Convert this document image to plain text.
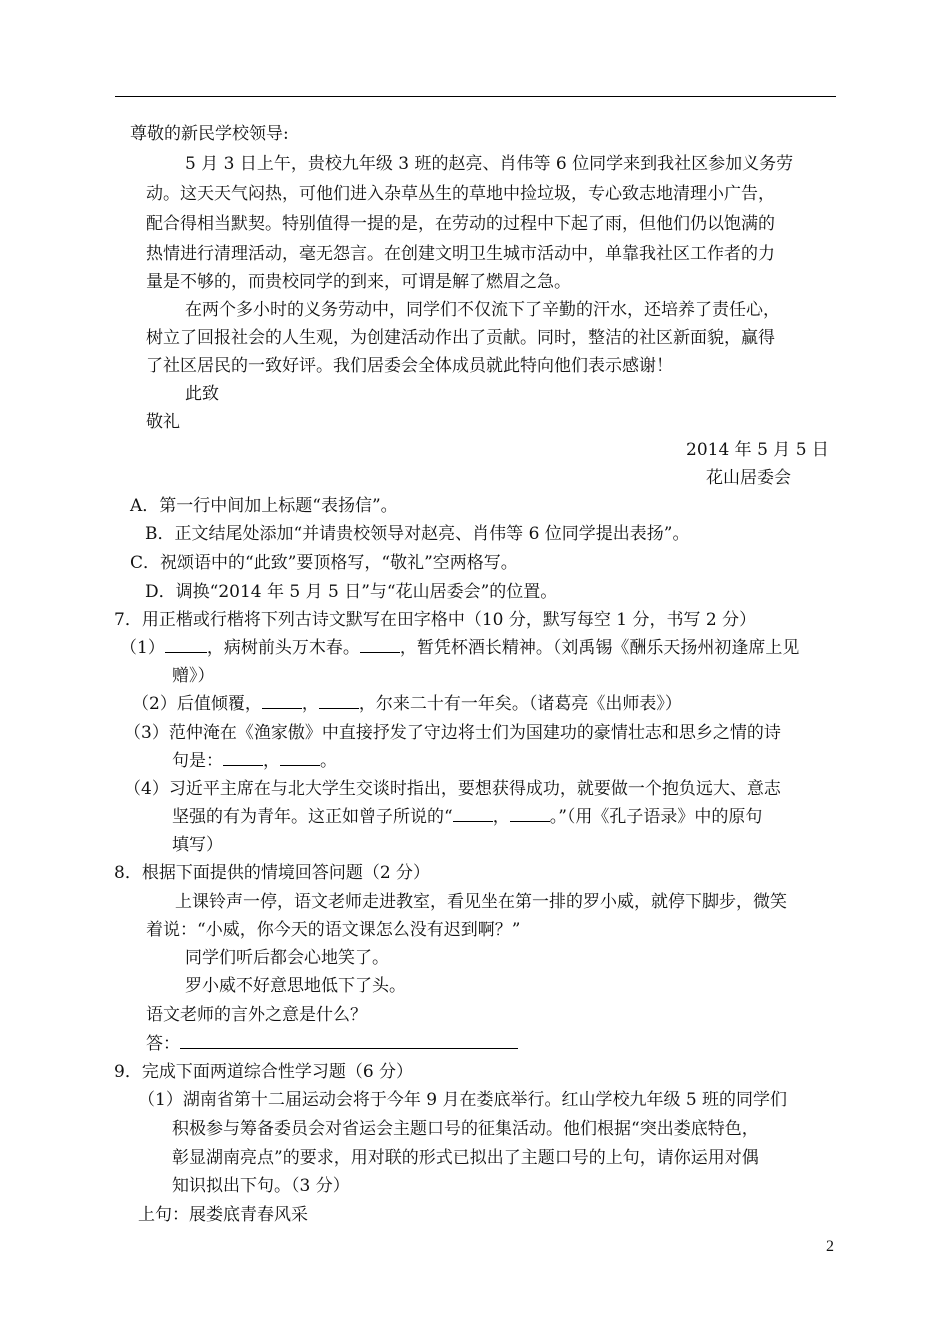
尊敬的新民学校领导:
5 月 3 日上午，贵校九年级 3 班的赵亮、肖伟等 6 位同学来到我社区参加义务劳
动。这天天气闷热，可他们进入杂草丛生的草地中捡垃圾，专心致志地清理小广告，
配合得相当默契。特别值得一提的是，在劳动的过程中下起了雨，但他们仍以饱满的
热情进行清理活动，毫无怨言。在创建文明卫生城市活动中，单靠我社区工作者的力
量是不够的，而贵校同学的到来，可谓是解了燃眉之急。
在两个多小时的义务劳动中，同学们不仅流下了辛勤的汗水，还培养了责任心，
树立了回报社会的人生观，为创建活动作出了贡献。同时，整洁的社区新面貌，赢得
了社区居民的一致好评。我们居委会全体成员就此特向他们表示感谢！
此致
敬礼
2014 年 5 月 5 日
花山居委会
A．第一行中间加上标题“表扬信”。
B．正文结尾处添加“并请贵校领导对赵亮、肖伟等 6 位同学提出表扬”。
C．祝颂语中的“此致”要顶格写，“敬礼”空两格写。
D．调换“2014 年 5 月 5 日”与“花山居委会”的位置。
7．用正楷或行楷将下列古诗文默写在田字格中（10 分，默写每空 1 分，书写 2 分）
（1） ，病树前头万木春。 ，暂凭杯酒长精神。（刘禹锡《酬乐天扬州初逢席上见
赠》）
（2）后值倾覆， ， ，尔来二十有一年矣。（诸葛亮《出师表》）
（3）范仲淹在《渔家傲》中直接抒发了守边将士们为国建功的豪情壮志和思乡之情的诗
句是： ， 。
（4）习近平主席在与北大学生交谈时指出，要想获得成功，就要做一个抱负远大、意志
坚强的有为青年。这正如曾子所说的“ ， 。”（用《孔子语录》中的原句
填写）
8．根据下面提供的情境回答问题（2 分）
上课铃声一停，语文老师走进教室，看见坐在第一排的罗小威，就停下脚步，微笑
着说：“小威，你今天的语文课怎么没有迟到啊？”
同学们听后都会心地笑了。
罗小威不好意思地低下了头。
语文老师的言外之意是什么？
答：
9．完成下面两道综合性学习题（6 分）
（1）湖南省第十二届运动会将于今年 9 月在娄底举行。红山学校九年级 5 班的同学们
积极参与筹备委员会对省运会主题口号的征集活动。他们根据“突出娄底特色，
彰显湖南亮点”的要求，用对联的形式已拟出了主题口号的上句，请你运用对偶
知识拟出下句。（3 分）
上句：展娄底青春风采
2
